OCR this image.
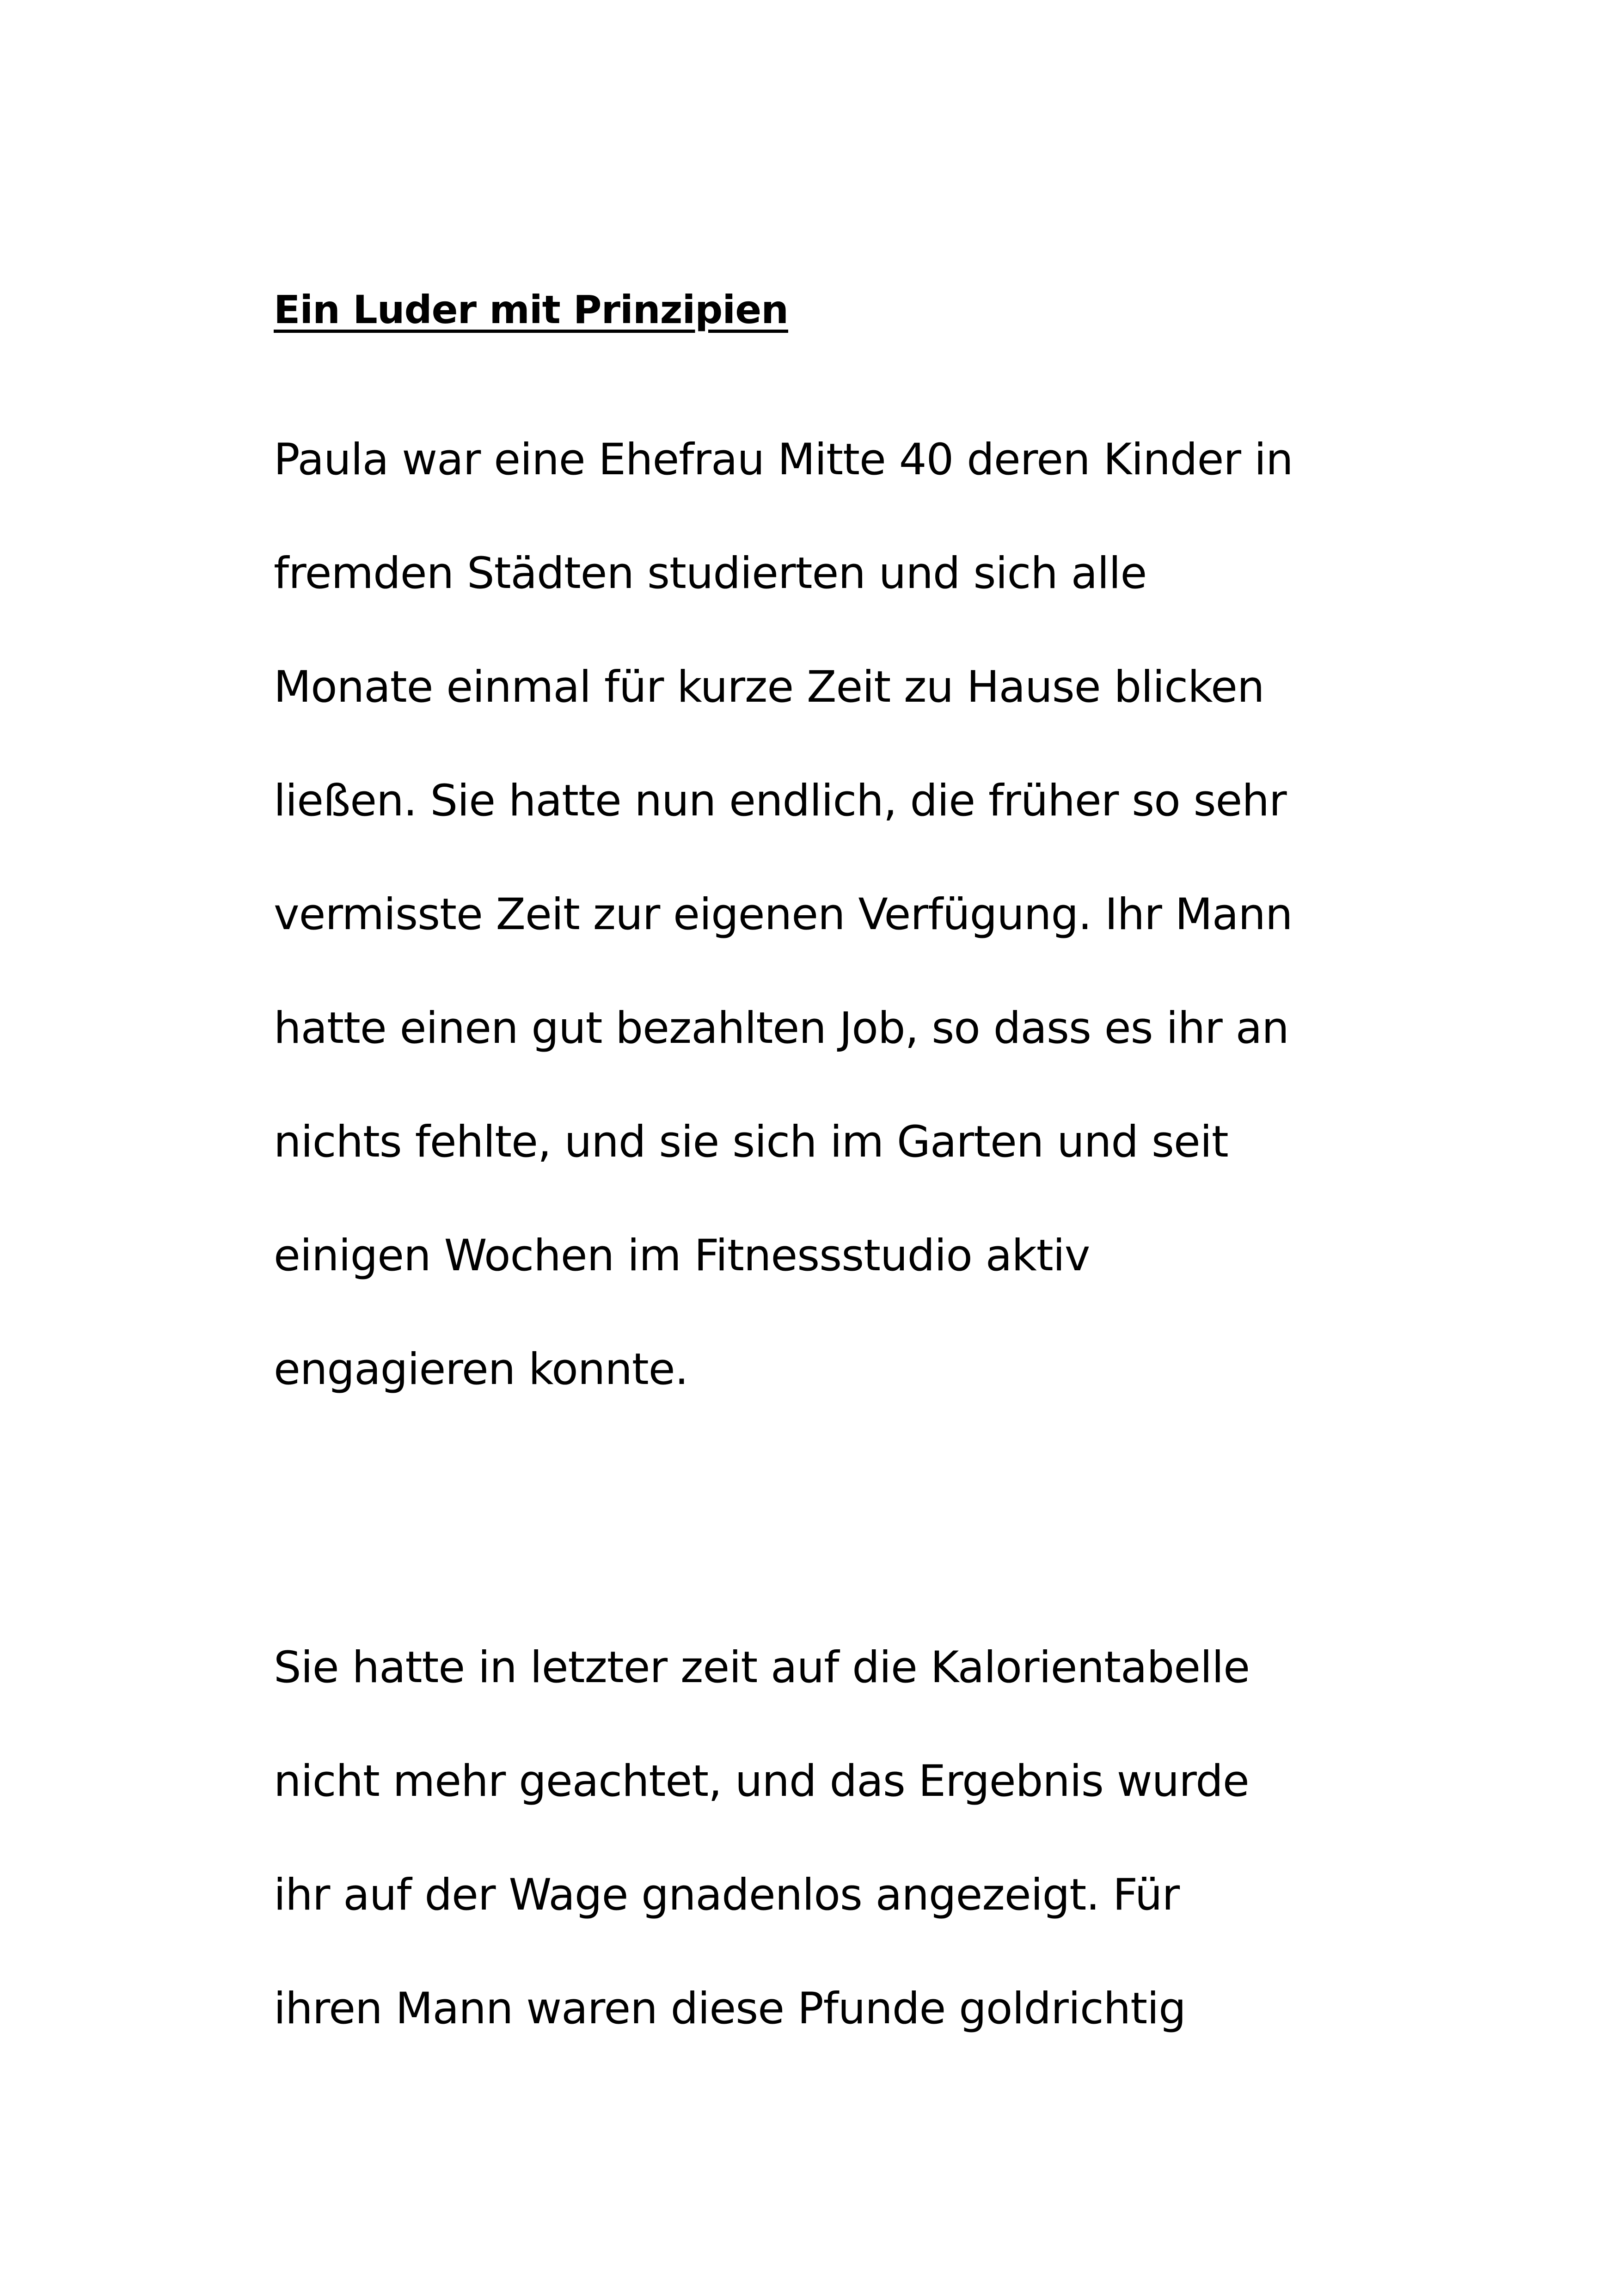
Ein Luder mit Prinzipien
Paula war eine Ehefrau Mitte 40 deren Kinder in
fremden Städten studierten und sich alle
Monate einmal für kurze Zeit zu Hause blicken
ließen. Sie hatte nun endlich, die früher so sehr
vermisste Zeit zur eigenen Verfügung. Ihr Mann
hatte einen gut bezahlten Job, so dass es ihr an
nichts fehlte, und sie sich im Garten und seit
einigen Wochen im Fitnessstudio aktiv
engagieren konnte.
Sie hatte in letzter zeit auf die Kalorientabelle
nicht mehr geachtet, und das Ergebnis wurde
ihr auf der Wage gnadenlos angezeigt. Für
ihren Mann waren diese Pfunde goldrichtig
